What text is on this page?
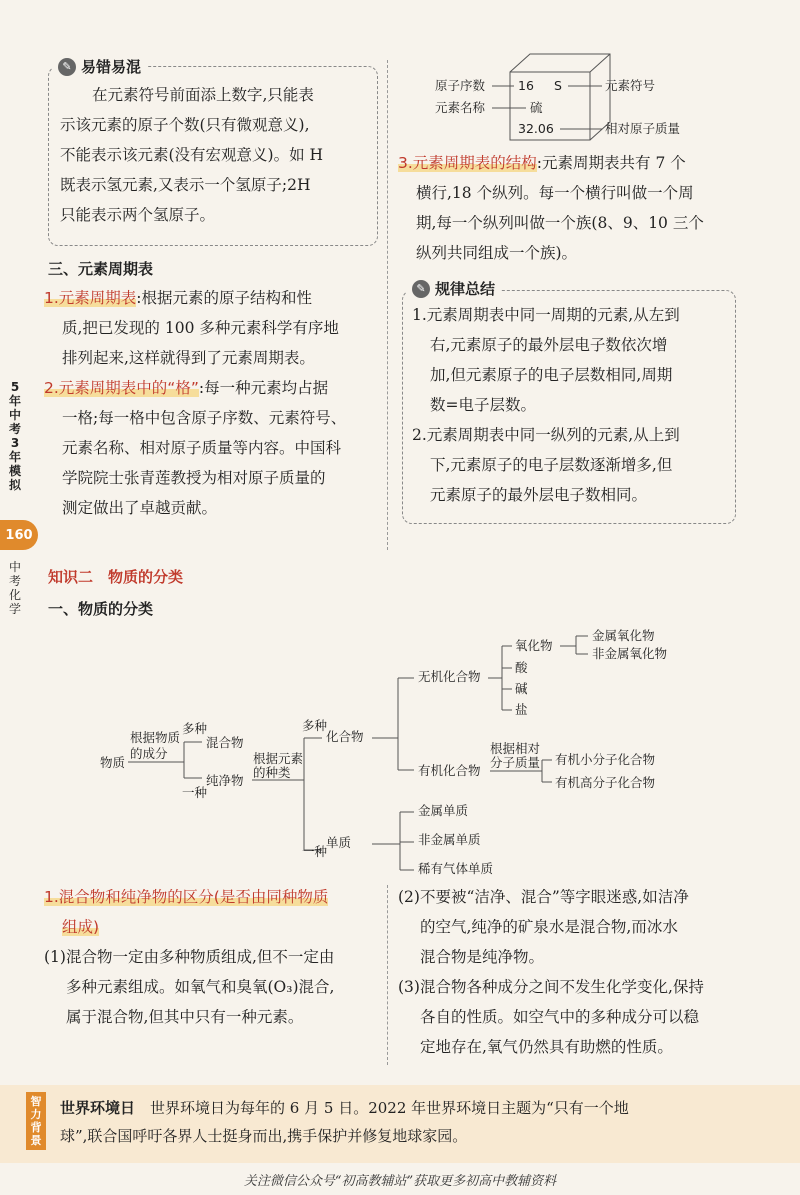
✎ 易错易混
在元素符号前面添上数字,只能表
示该元素的原子个数(只有微观意义),
不能表示该元素(没有宏观意义)。如 H
既表示氢元素,又表示一个氢原子;2H
只能表示两个氢原子。
三、元素周期表
1.元素周期表:根据元素的原子结构和性
质,把已发现的 100 多种元素科学有序地
排列起来,这样就得到了元素周期表。
2.元素周期表中的“格”:每一种元素均占据
一格;每一格中包含原子序数、元素符号、
元素名称、相对原子质量等内容。中国科
学院院士张青莲教授为相对原子质量的
测定做出了卓越贡献。
原子序数	16 S	元素符号
元素名称	硫
32.06	相对原子质量
3.元素周期表的结构:元素周期表共有 7 个
横行,18 个纵列。每一个横行叫做一个周
期,每一个纵列叫做一个族(8、9、10 三个
纵列共同组成一个族)。
✎ 规律总结
1.元素周期表中同一周期的元素,从左到
右,元素原子的最外层电子数依次增
加,但元素原子的电子层数相同,周期
数=电子层数。
2.元素周期表中同一纵列的元素,从上到
下,元素原子的电子层数逐渐增多,但
元素原子的最外层电子数相同。
5
年
中
考
3
年
模
拟
160
中
考
化
学
知识二　物质的分类
一、物质的分类
物质
根据物质
的成分
多种
混合物
一种
纯净物
根据元素
的种类
多种
化合物
一种
单质
无机化合物
有机化合物
氧化物
酸
碱
盐
金属氧化物
非金属氧化物
根据相对
分子质量 有机小分子化合物
有机高分子化合物
金属单质
非金属单质
稀有气体单质
1.混合物和纯净物的区分(是否由同种物质
组成)
(1)混合物一定由多种物质组成,但不一定由
多种元素组成。如氧气和臭氧(O₃)混合,
属于混合物,但其中只有一种元素。
(2)不要被“洁净、混合”等字眼迷惑,如洁净
的空气,纯净的矿泉水是混合物,而冰水
混合物是纯净物。
(3)混合物各种成分之间不发生化学变化,保持
各自的性质。如空气中的多种成分可以稳
定地存在,氧气仍然具有助燃的性质。
智
力
背
景
世界环境日　 世界环境日为每年的 6 月 5 日。2022 年世界环境日主题为“只有一个地
球”,联合国呼吁各界人士挺身而出,携手保护并修复地球家园。
关注微信公众号“初高教辅站”获取更多初高中教辅资料
